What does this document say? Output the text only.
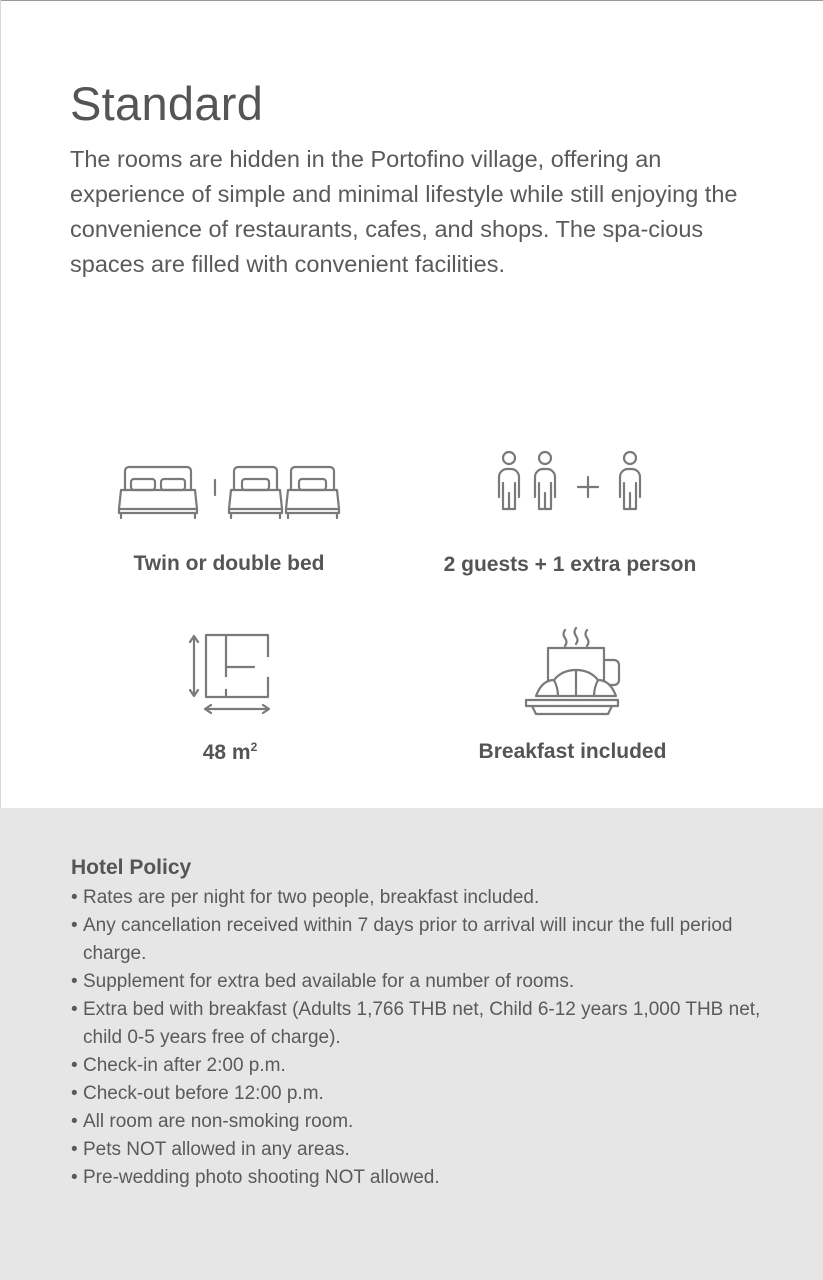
Standard

The rooms are hidden in the Portofino village, offering an experience of simple and minimal lifestyle while still enjoying the convenience of restaurants, cafes, and shops. The spa-cious spaces are filled with convenient facilities.

Twin or double bed	2 guests + 1 extra person
48 $m^2$	Breakfast included
Hotel Policy
• Rates are per night for two people, breakfast included.
• Any cancellation received within 7 days prior to arrival will incur the full period charge.
• Supplement for extra bed available for a number of rooms.
• Extra bed with breakfast (Adults 1,766 THB net, Child 6-12 years 1,000 THB net, child 0-5 years free of charge).
• Check-in after 2:00 p.m.
• Check-out before 12:00 p.m.
• All room are non-smoking room.
• Pets NOT allowed in any areas.
• Pre-wedding photo shooting NOT allowed.
